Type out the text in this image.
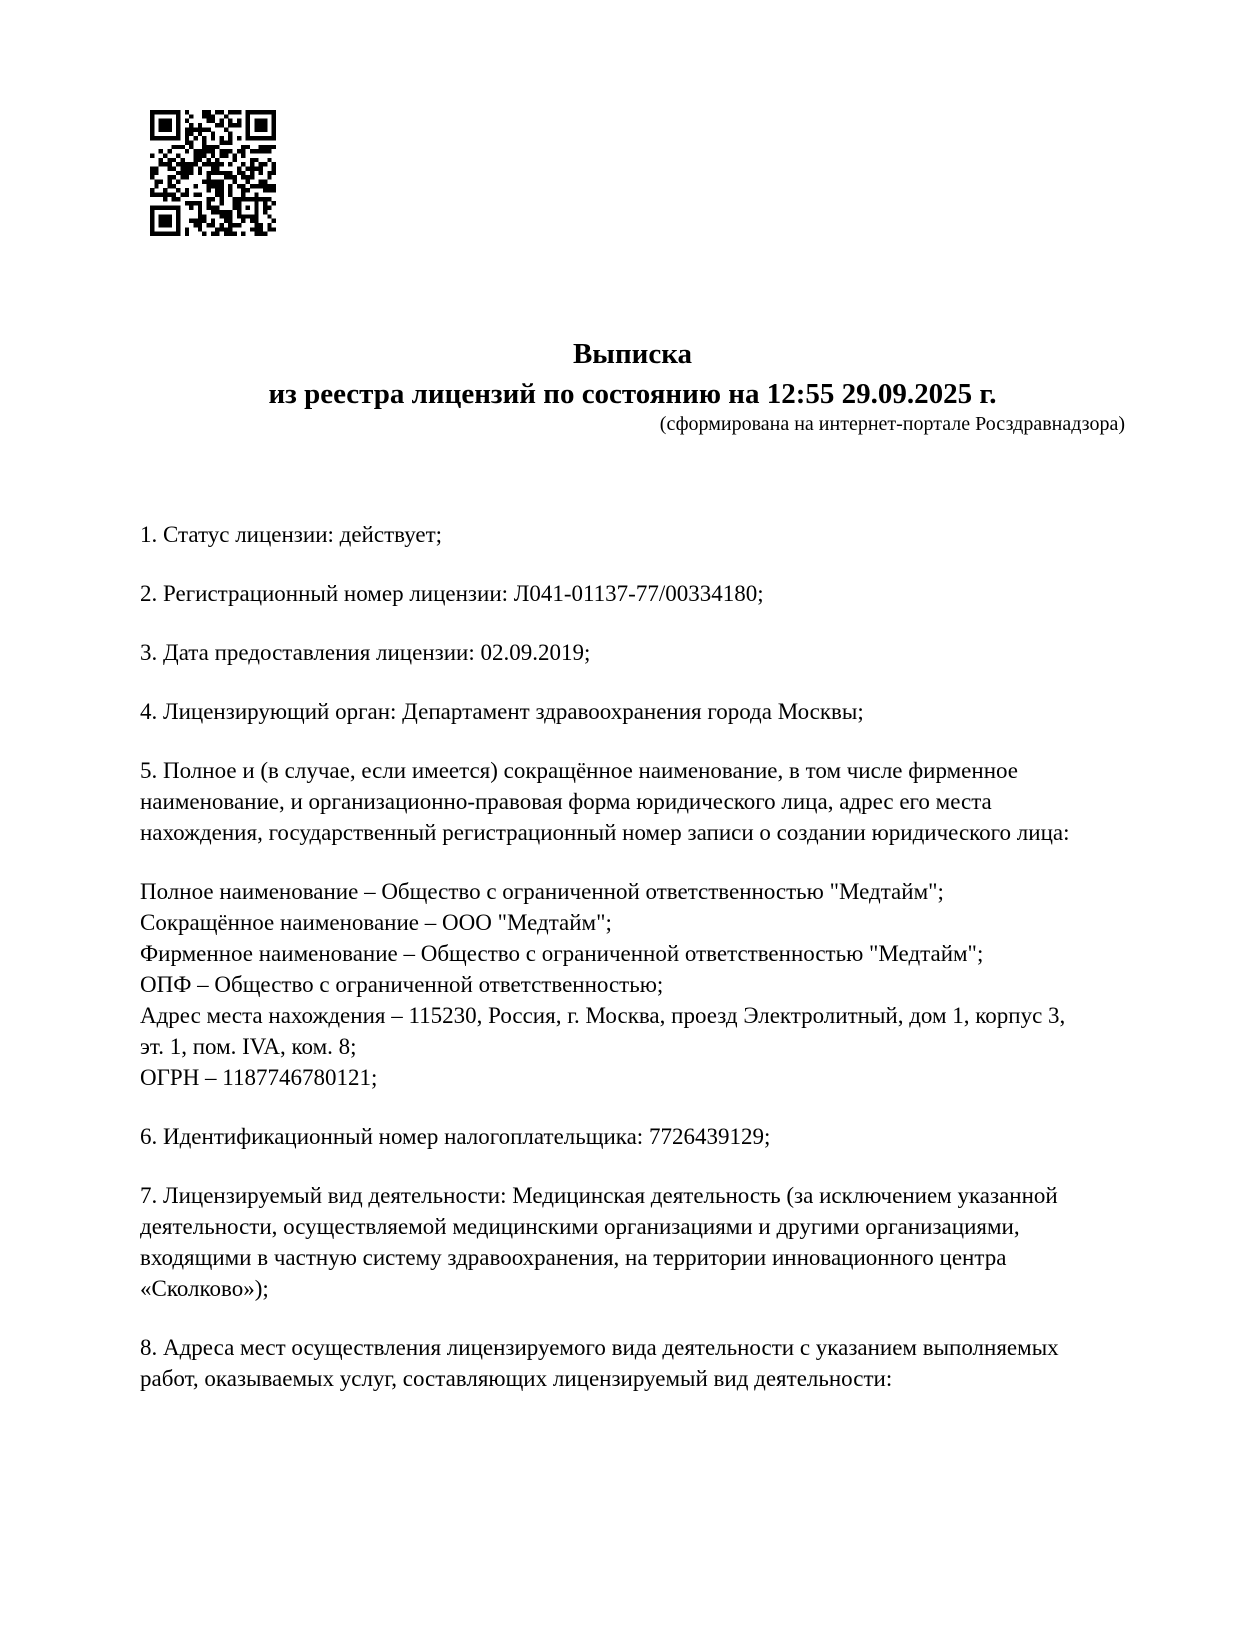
Выписка
из реестра лицензий по состоянию на 12:55 29.09.2025 г.
(сформирована на интернет-портале Росздравнадзора)

1. Статус лицензии: действует;

2. Регистрационный номер лицензии: Л041-01137-77/00334180;

3. Дата предоставления лицензии: 02.09.2019;

4. Лицензирующий орган: Департамент здравоохранения города Москвы;

5. Полное и (в случае, если имеется) сокращённое наименование, в том числе фирменное
наименование, и организационно-правовая форма юридического лица, адрес его места
нахождения, государственный регистрационный номер записи о создании юридического лица:

Полное наименование – Общество с ограниченной ответственностью "Медтайм";
Сокращённое наименование – ООО "Медтайм";
Фирменное наименование – Общество с ограниченной ответственностью "Медтайм";
ОПФ – Общество с ограниченной ответственностью;
Адрес места нахождения – 115230, Россия, г. Москва, проезд Электролитный, дом 1, корпус 3,
эт. 1, пом. IVA, ком. 8;
ОГРН – 1187746780121;

6. Идентификационный номер налогоплательщика: 7726439129;

7. Лицензируемый вид деятельности: Медицинская деятельность (за исключением указанной
деятельности, осуществляемой медицинскими организациями и другими организациями,
входящими в частную систему здравоохранения, на территории инновационного центра
«Сколково»);

8. Адреса мест осуществления лицензируемого вида деятельности с указанием выполняемых
работ, оказываемых услуг, составляющих лицензируемый вид деятельности:
